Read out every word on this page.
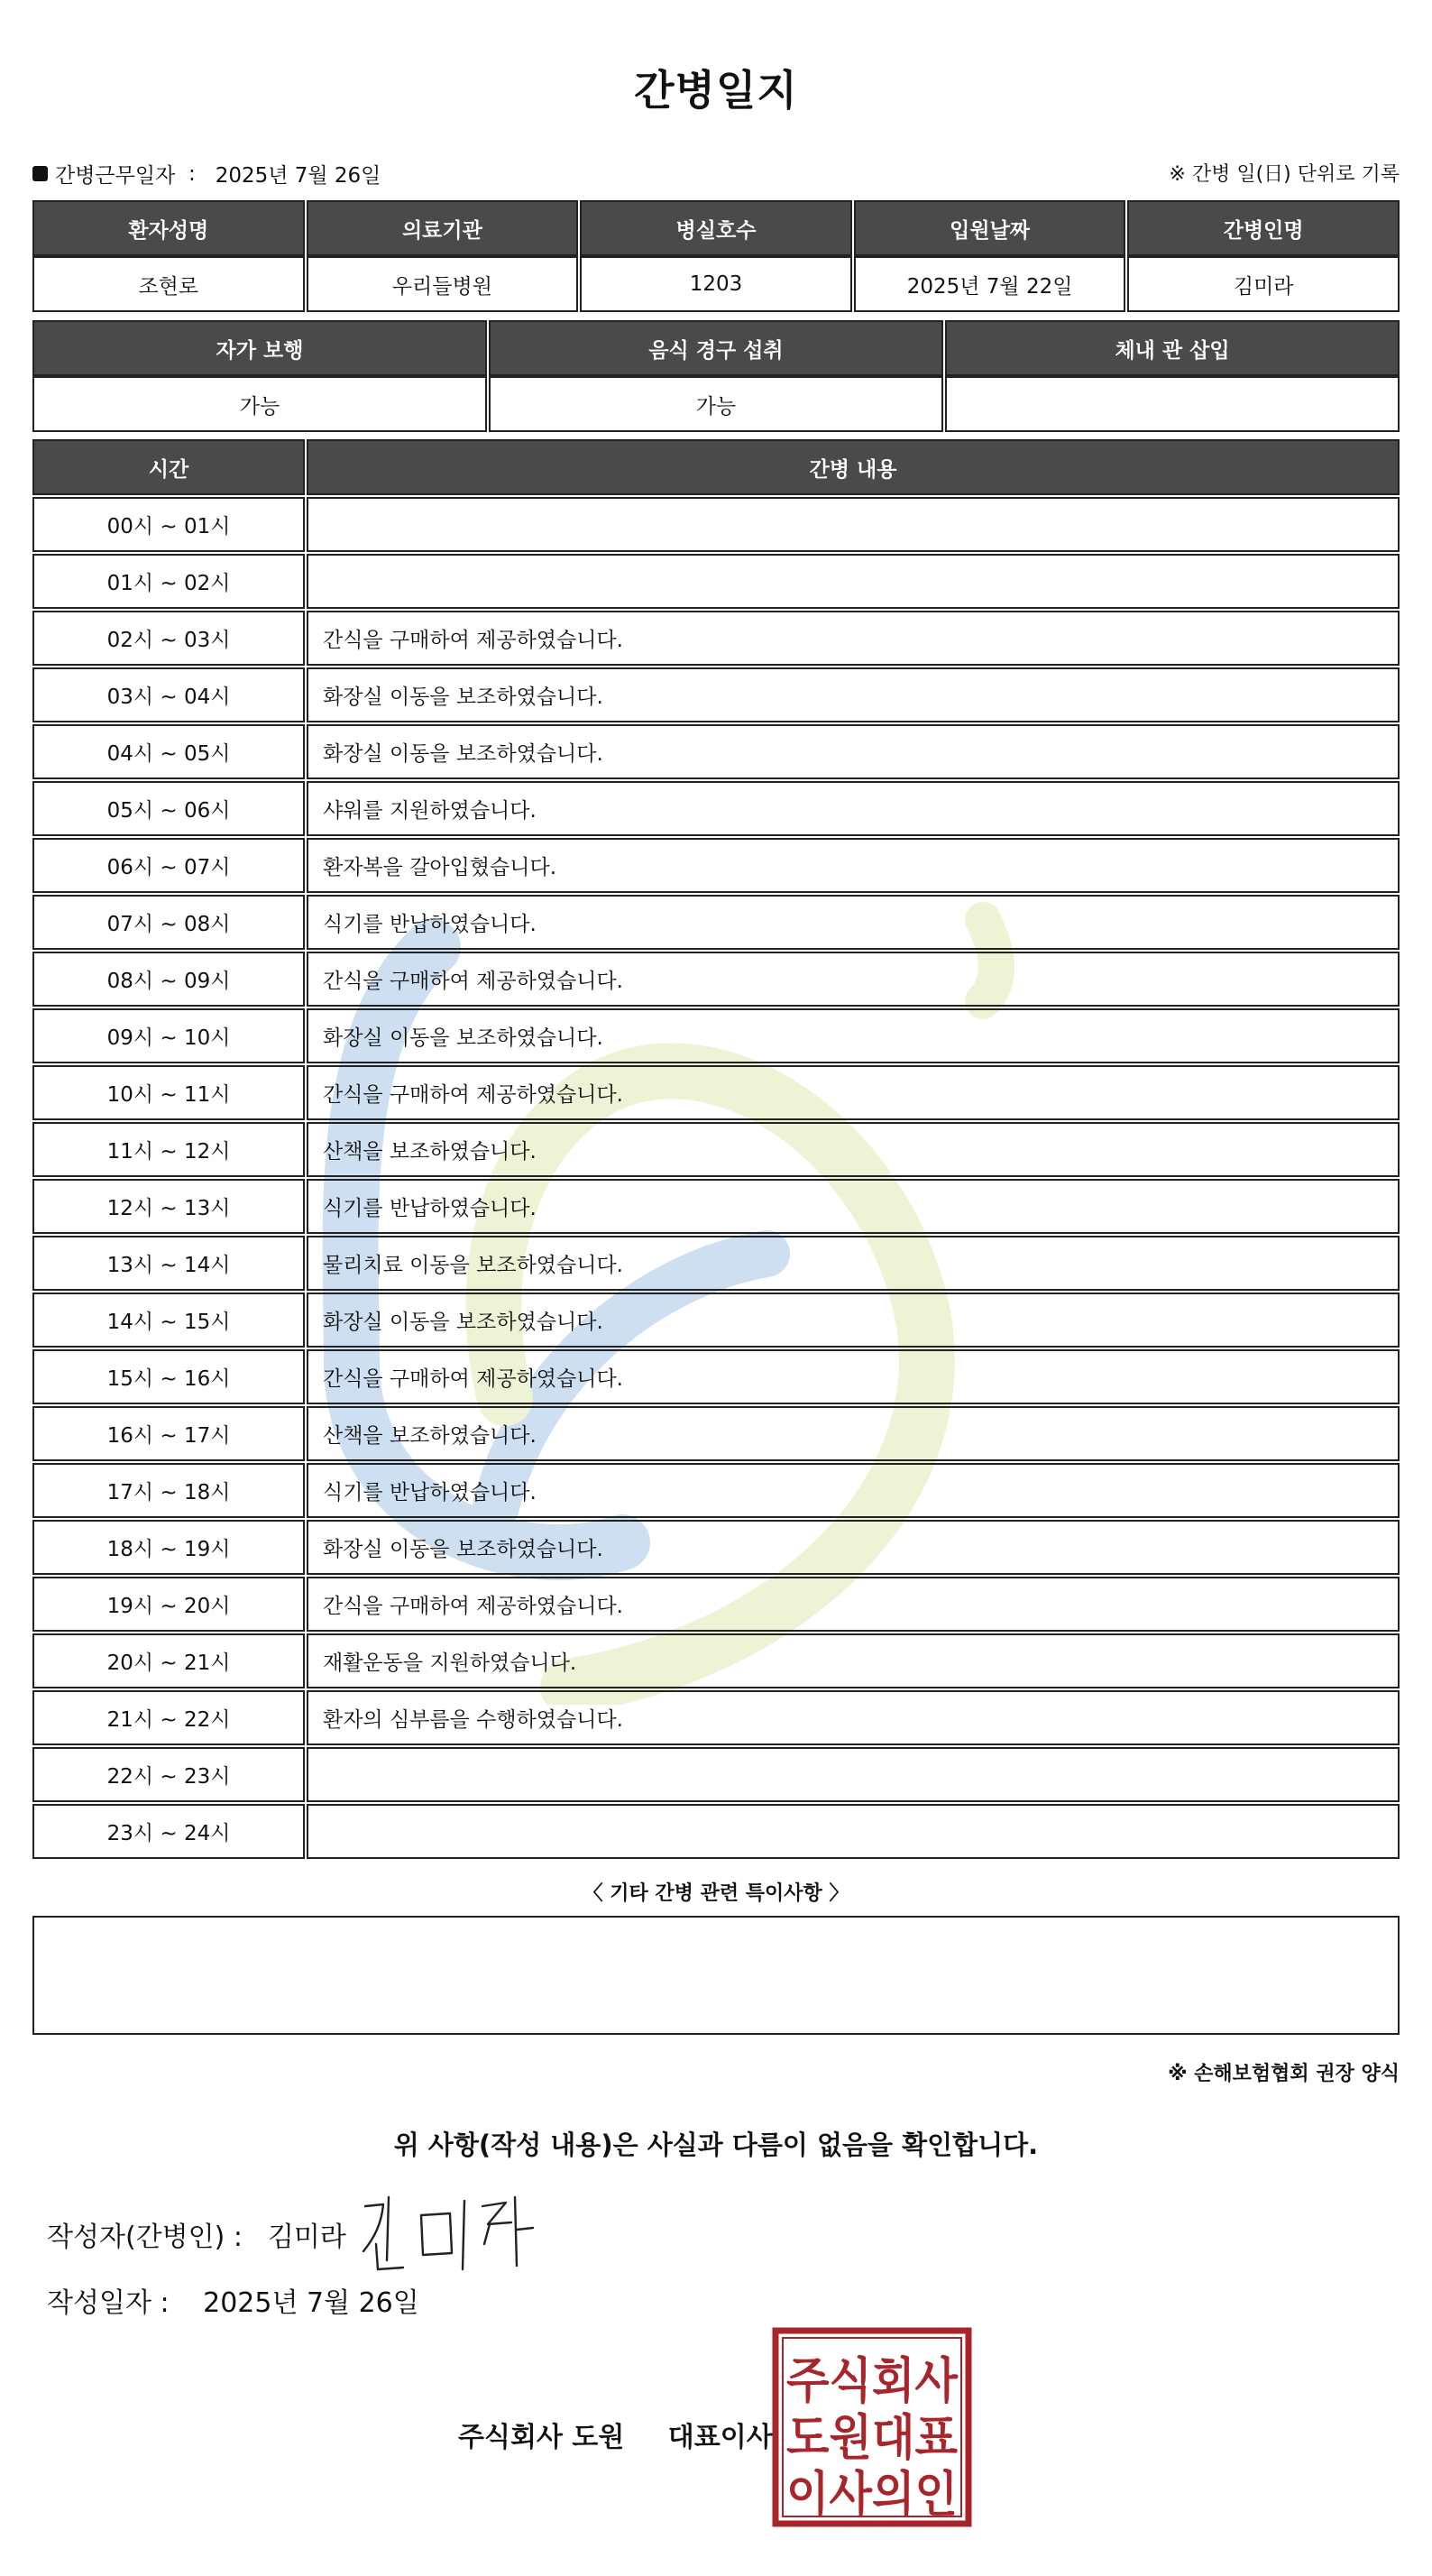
간병일지
간병근무일자
: 2025년 7월 26일	※ 간병 일(日) 단위로 기록
환자성명	의료기관	병실호수	입원날짜	간병인명
조현로	우리들병원	1203	2025년 7월 22일	김미라
자가 보행	음식 경구 섭취	체내 관 삽입
가능	가능
시간	간병 내용
00시 ~ 01시
01시 ~ 02시
02시 ~ 03시	간식을 구매하여 제공하였습니다.
03시 ~ 04시	화장실 이동을 보조하였습니다.
04시 ~ 05시	화장실 이동을 보조하였습니다.
05시 ~ 06시	샤워를 지원하였습니다.
06시 ~ 07시	환자복을 갈아입혔습니다.
07시 ~ 08시	식기를 반납하였습니다.
08시 ~ 09시	간식을 구매하여 제공하였습니다.
09시 ~ 10시	화장실 이동을 보조하였습니다.
10시 ~ 11시	간식을 구매하여 제공하였습니다.
11시 ~ 12시	산책을 보조하였습니다.
12시 ~ 13시	식기를 반납하였습니다.
13시 ~ 14시	물리치료 이동을 보조하였습니다.
14시 ~ 15시	화장실 이동을 보조하였습니다.
15시 ~ 16시	간식을 구매하여 제공하였습니다.
16시 ~ 17시	산책을 보조하였습니다.
17시 ~ 18시	식기를 반납하였습니다.
18시 ~ 19시	화장실 이동을 보조하였습니다.
19시 ~ 20시	간식을 구매하여 제공하였습니다.
20시 ~ 21시	재활운동을 지원하였습니다.
21시 ~ 22시	환자의 심부름을 수행하였습니다.
22시 ~ 23시
23시 ~ 24시
〈 기타 간병 관련 특이사항 〉
※ 손해보험협회 권장 양식
위 사항(작성 내용)은 사실과 다름이 없음을 확인합니다.
작성자(간병인) : 김미라
작성일자 : 2025년 7월 26일
주식회사 도원 대표이사
주식회사
도원대표
이사의인
